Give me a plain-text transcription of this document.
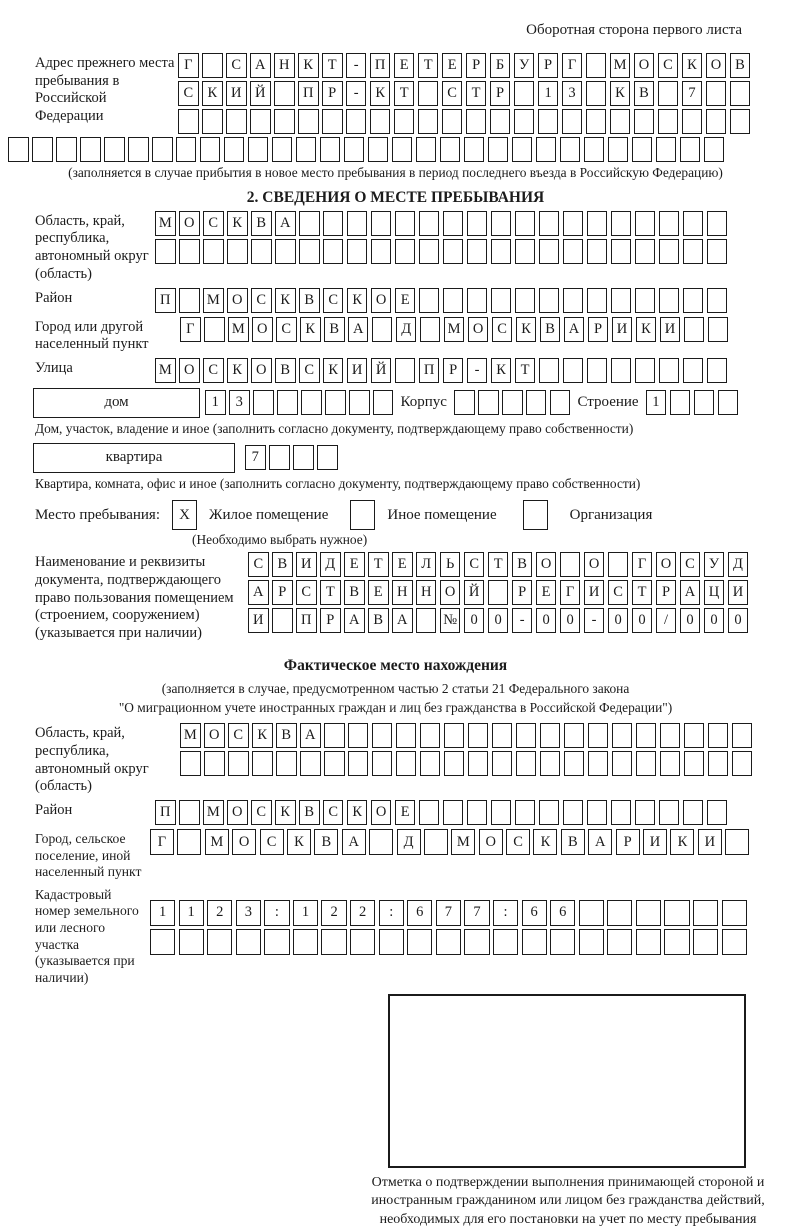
Оборотная сторона первого листа
Адрес прежнего места пребывания в Российской Федерации
Г	С А Н К	Т	-	П Е	Т	Е	Р	Б	У	Р	Г	М О С К О В
С К И Й	П	Р	-	К	Т	С	Т	Р	1	3	К В	7
(заполняется в случае прибытия в новое место пребывания в период последнего въезда в Российскую Федерацию)
2. СВЕДЕНИЯ О МЕСТЕ ПРЕБЫВАНИЯ
Область, край, республика, автономный округ (область)
М О С К В А
Район	П	М О С К В С К О Е
Город или другой населенный пункт
Г	М О С К В А	Д	М О С К В А	Р	И К И
Улица	М О С К О В С К И Й	П	Р	-	К	Т
дом	1	3	Корпус	Строение 1
Дом, участок, владение и иное (заполнить согласно документу, подтверждающему право собственности)
квартира	7
Квартира, комната, офис и иное (заполнить согласно документу, подтверждающему право собственности)
Место пребывания:	X	Жилое помещение	Иное помещение	Организация
(Необходимо выбрать нужное)
Наименование и реквизиты документа, подтверждающего право пользования помещением (строением, сооружением) (указывается при наличии)
С В И Д	Е	Т	Е	Л	Ь	С	Т	В О	О	Г	О С У Д
А	Р	С	Т	В	Е Н Н О Й	Р	Е	Г	И С	Т	Р	А Ц И
И	П	Р	А В А	№ 0	0	-	0	0	-	0	0	/	0	0	0
Фактическое место нахождения
(заполняется в случае, предусмотренном частью 2 статьи 21 Федерального закона
"О миграционном учете иностранных граждан и лиц без гражданства в Российской Федерации")
Область, край, республика, автономный округ (область)
М О С К В А
Район	П	М О С К В С К О Е
Город, сельское поселение, иной населенный пункт
Г	М	О	С	К	В	А	Д	М	О	С	К	В	А	Р	И	К	И
Кадастровый номер земельного или лесного участка (указывается при наличии)
1	1	2	3	:	1	2	2	:	6	7	7	:	6	6
Отметка о подтверждении выполнения принимающей стороной и иностранным гражданином или лицом без гражданства действий, необходимых для его постановки на учет по месту пребывания
